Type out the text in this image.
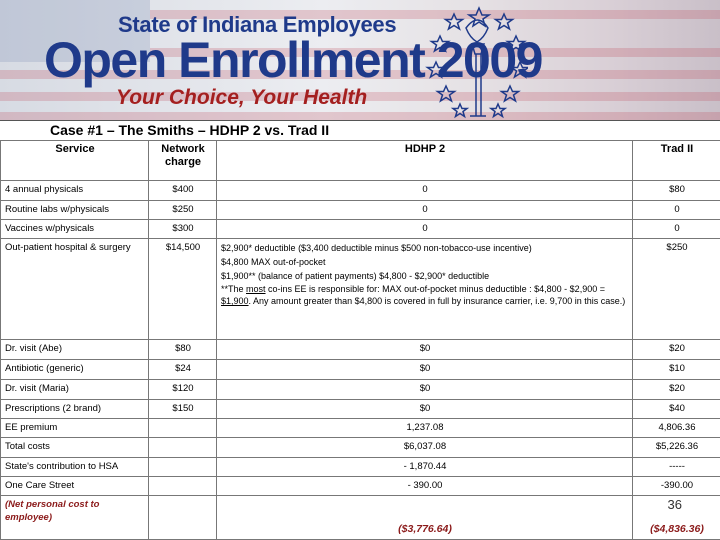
State of Indiana Employees
Open Enrollment 2009
Your Choice, Your Health
Case #1 – The Smiths – HDHP 2 vs. Trad II
Service	Network charge	HDHP 2	Trad II
4 annual physicals	$400	0	$80
Routine labs w/physicals	$250	0	0
Vaccines w/physicals	$300	0	0
Out-patient hospital & surgery	$14,500	$2,900* deductible ($3,400 deductible minus $500 non-tobacco-use incentive)

$4,800 MAX out-of-pocket

$1,900** (balance of patient payments) $4,800 - $2,900* deductible

**The most co-ins EE is responsible for: MAX out-of-pocket minus deductible : $4,800 - $2,900 = $1,900. Any amount greater than $4,800 is covered in full by insurance carrier, i.e. 9,700 in this case.)	$250
Dr. visit (Abe)	$80	$0	$20
Antibiotic (generic)	$24	$0	$10
Dr. visit (Maria)	$120	$0	$20
Prescriptions (2 brand)	$150	$0	$40
EE premium		1,237.08	4,806.36
Total costs		$6,037.08	$5,226.36
State's contribution to HSA		- 1,870.44	-----
One Care Street		- 390.00	-390.00
(Net personal cost to employee)		($3,776.64)	($4,836.36)
36
